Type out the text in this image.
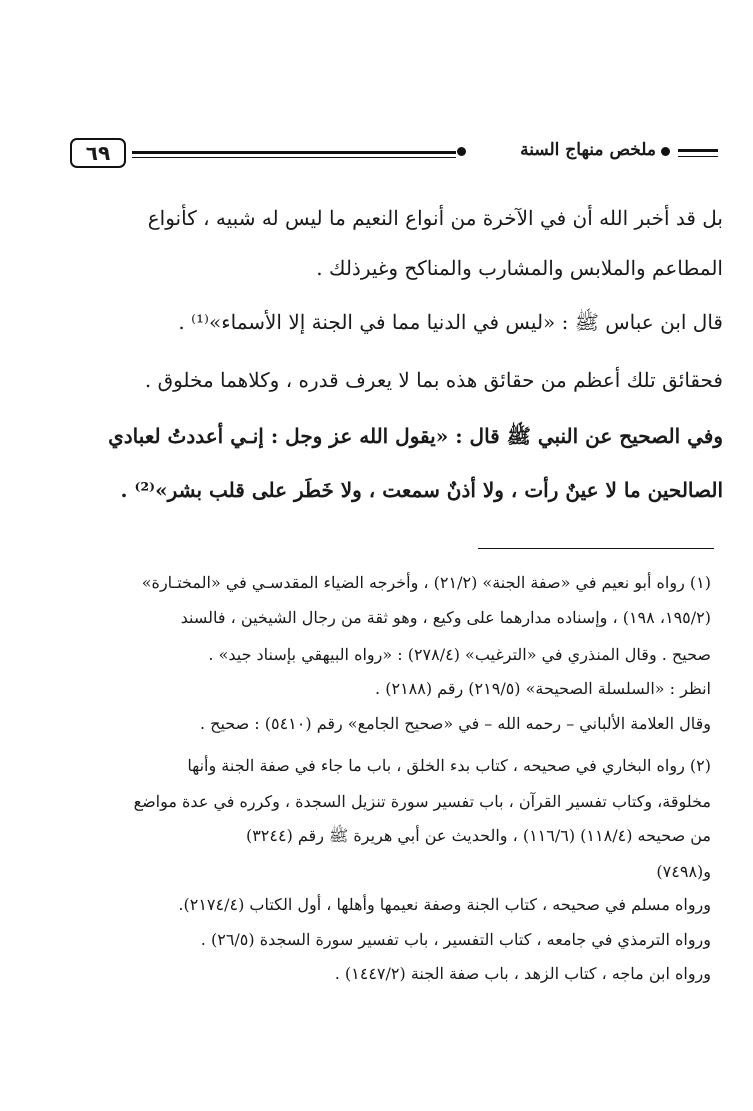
٦٩	ملخص منهاج السنة
بل قد أخبر الله أن في الآخرة من أنواع النعيم ما ليس له شبيه ، كأنواع
المطاعم والملابس والمشارب والمناكح وغيرذلك .
قال ابن عباس ﷺ : «ليس في الدنيا مما في الجنة إلا الأسماء»⁽¹⁾ .
فحقائق تلك أعظم من حقائق هذه بما لا يعرف قدره ، وكلاهما مخلوق .
وفي الصحيح عن النبي ﷺ قال : «يقول الله عز وجل : إنـي أعددتُ لعبادي
الصالحين ما لا عينٌ رأت ، ولا أذنٌ سمعت ، ولا خَطَر على قلب بشر»⁽²⁾ .
(١) رواه أبو نعيم في «صفة الجنة» (٢١/٢) ، وأخرجه الضياء المقدسـي في «المختـارة»
(١٩٥/٢، ١٩٨) ، وإسناده مدارهما على وكيع ، وهو ثقة من رجال الشيخين ، فالسند
صحيح . وقال المنذري في «الترغيب» (٢٧٨/٤) : «رواه البيهقي بإسناد جيد» .
انظر : «السلسلة الصحيحة» (٢١٩/٥) رقم (٢١٨٨) .
وقال العلامة الألباني – رحمه الله – في «صحيح الجامع» رقم (٥٤١٠) : صحيح .
(٢) رواه البخاري في صحيحه ، كتاب بدء الخلق ، باب ما جاء في صفة الجنة وأنها
مخلوقة، وكتاب تفسير القرآن ، باب تفسير سورة تنزيل السجدة ، وكرره في عدة مواضع
من صحيحه (١١٨/٤) (١١٦/٦) ، والحديث عن أبي هريرة ﷺ رقم (٣٢٤٤)
و(٧٤٩٨)
ورواه مسلم في صحيحه ، كتاب الجنة وصفة نعيمها وأهلها ، أول الكتاب (٢١٧٤/٤).
ورواه الترمذي في جامعه ، كتاب التفسير ، باب تفسير سورة السجدة (٢٦/٥) .
ورواه ابن ماجه ، كتاب الزهد ، باب صفة الجنة (١٤٤٧/٢) .
